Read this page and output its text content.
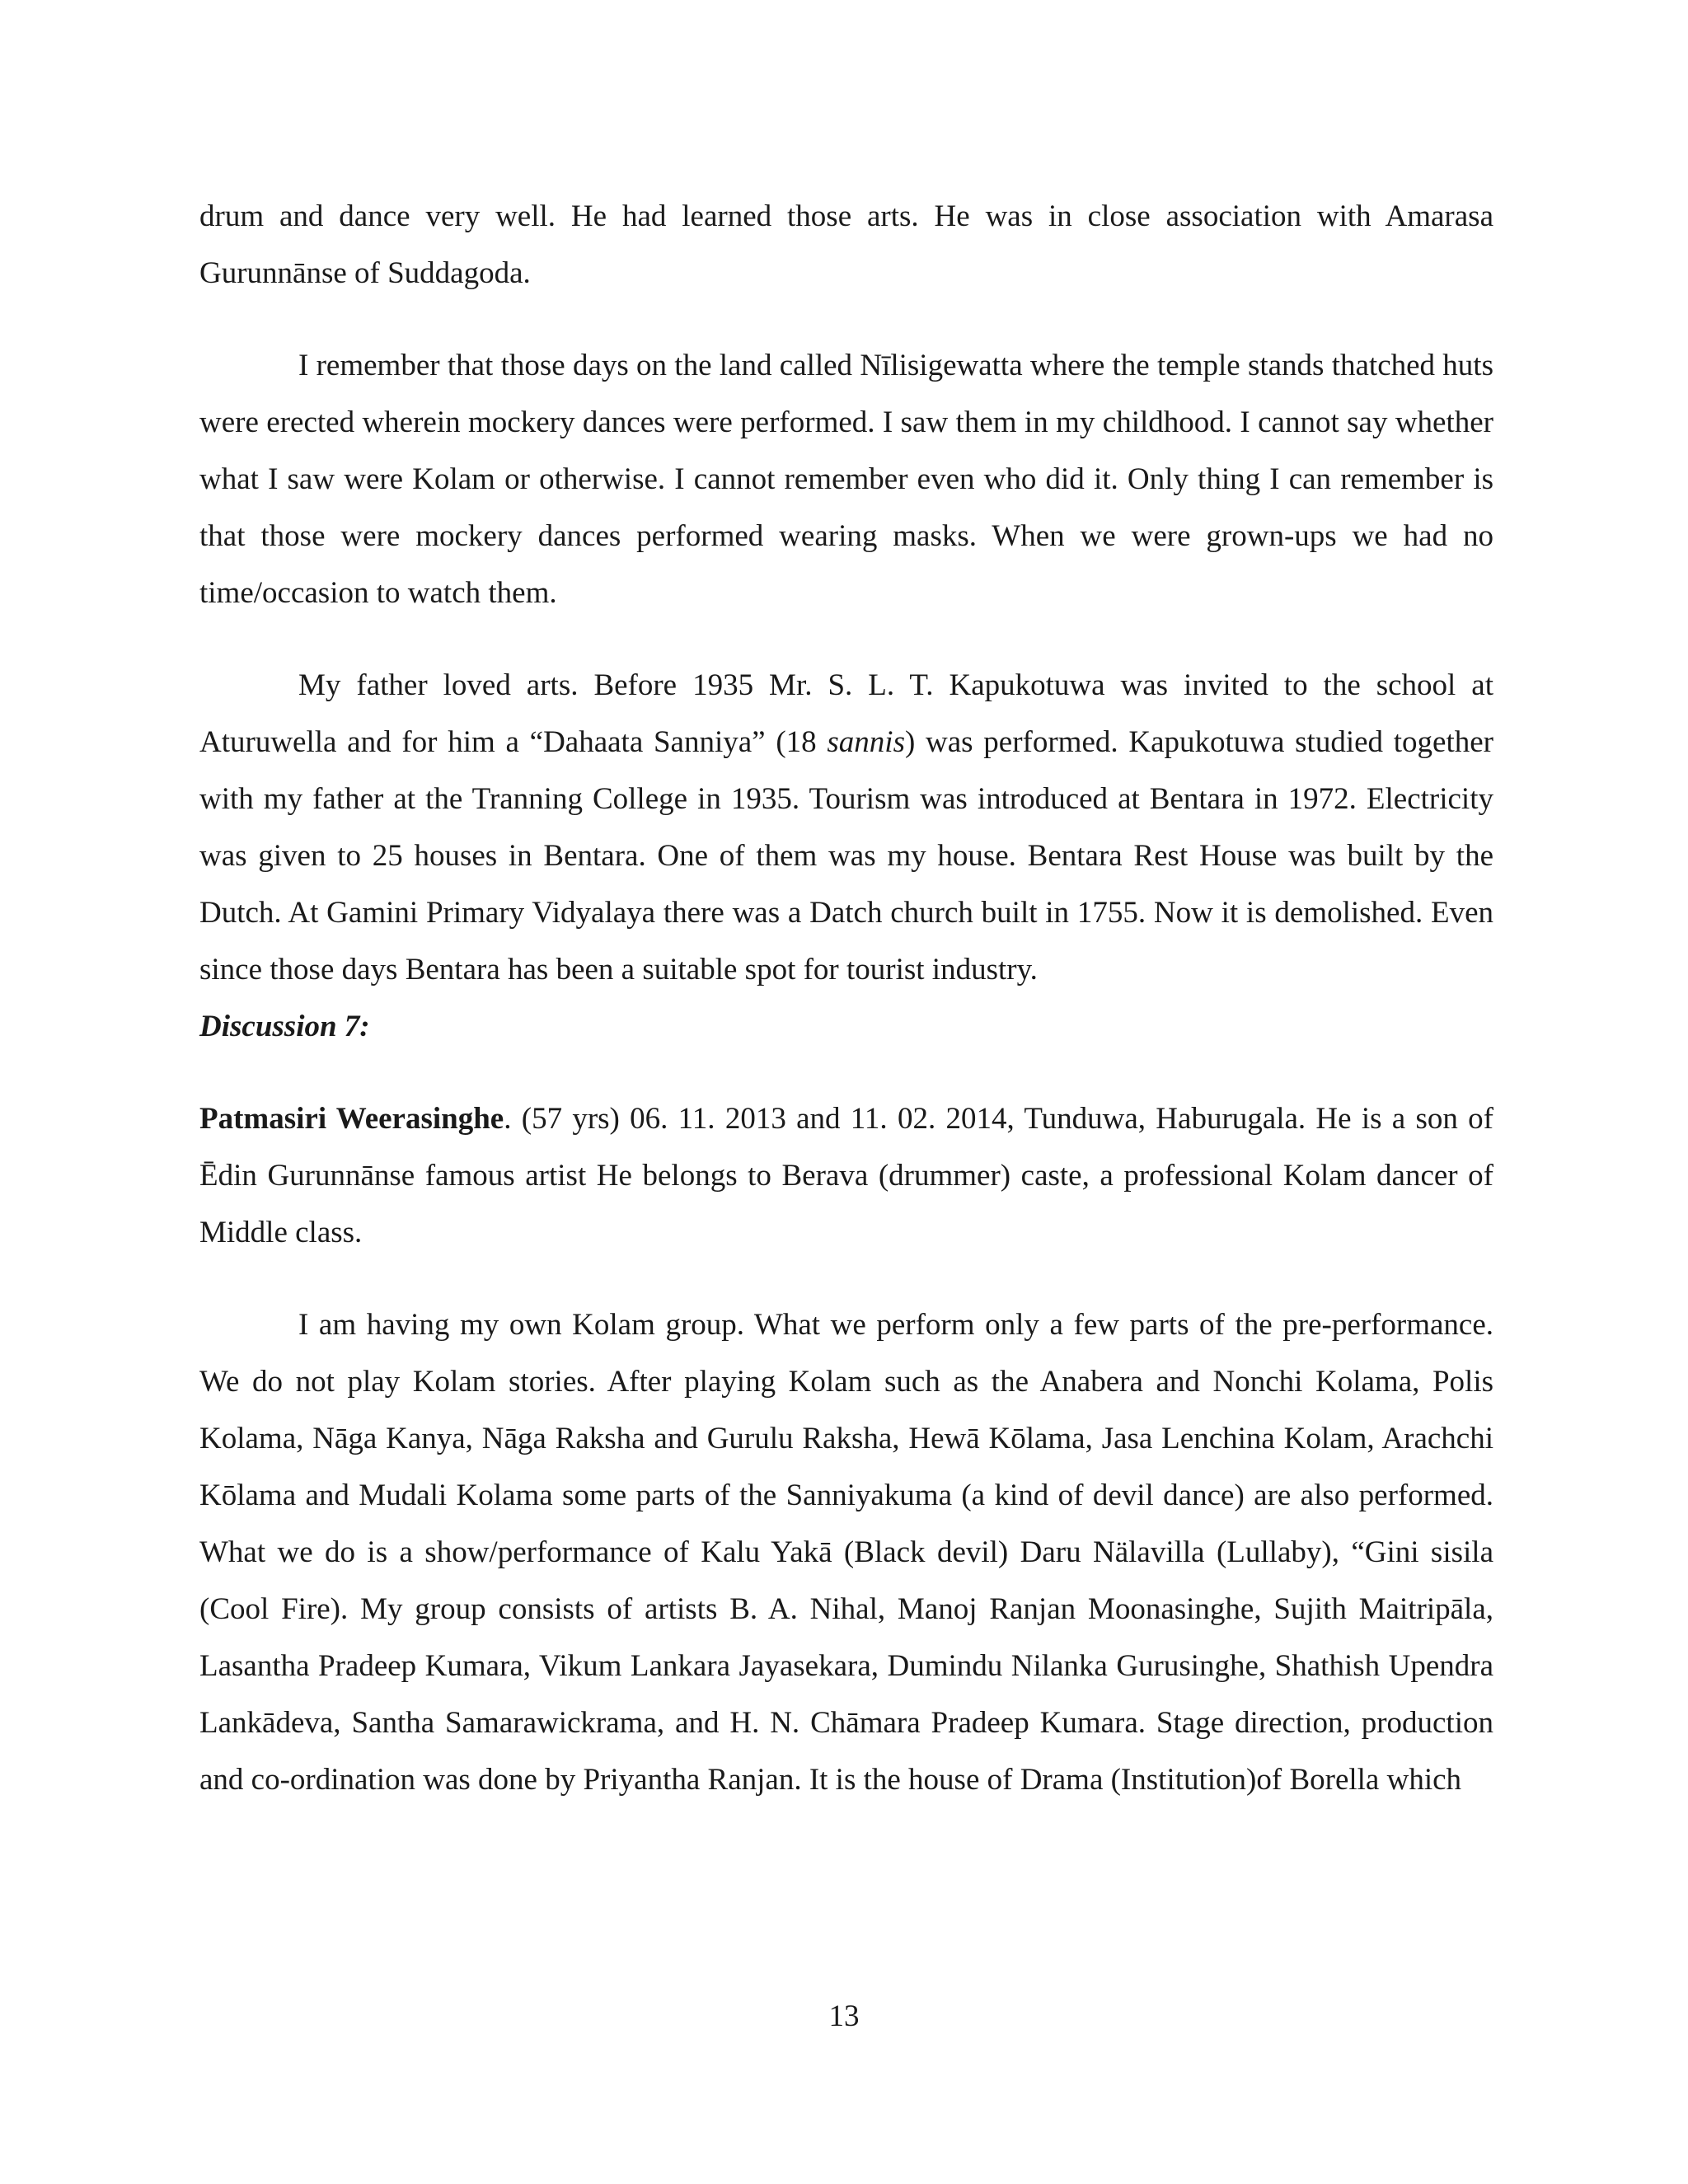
drum and dance very well. He had learned those arts. He was in close association with Amarasa Gurunnānse of Suddagoda.

I remember that those days on the land called Nīlisigewatta where the temple stands thatched huts were erected wherein mockery dances were performed. I saw them in my childhood. I cannot say whether what I saw were Kolam or otherwise. I cannot remember even who did it. Only thing I can remember is that those were mockery dances performed wearing masks. When we were grown-ups we had no time/occasion to watch them.

My father loved arts. Before 1935 Mr. S. L. T. Kapukotuwa was invited to the school at Aturuwella and for him a “Dahaata Sanniya” (18 sannis) was performed. Kapukotuwa studied together with my father at the Tranning College in 1935. Tourism was introduced at Bentara in 1972. Electricity was given to 25 houses in Bentara. One of them was my house. Bentara Rest House was built by the Dutch. At Gamini Primary Vidyalaya there was a Datch church built in 1755. Now it is demolished. Even since those days Bentara has been a suitable spot for tourist industry.

Discussion 7:

Patmasiri Weerasinghe. (57 yrs) 06. 11. 2013 and 11. 02. 2014, Tunduwa, Haburugala. He is a son of Ēdin Gurunnānse famous artist He belongs to Berava (drummer) caste, a professional Kolam dancer of Middle class.

I am having my own Kolam group. What we perform only a few parts of the pre-performance. We do not play Kolam stories. After playing Kolam such as the Anabera and Nonchi Kolama, Polis Kolama, Nāga Kanya, Nāga Raksha and Gurulu Raksha, Hewā Kōlama, Jasa Lenchina Kolam, Arachchi Kōlama and Mudali Kolama some parts of the Sanniyakuma (a kind of devil dance) are also performed. What we do is a show/performance of Kalu Yakā (Black devil) Daru Nälavilla (Lullaby), “Gini sisila (Cool Fire). My group consists of artists B. A. Nihal, Manoj Ranjan Moonasinghe, Sujith Maitripāla, Lasantha Pradeep Kumara, Vikum Lankara Jayasekara, Dumindu Nilanka Gurusinghe, Shathish Upendra Lankādeva, Santha Samarawickrama, and H. N. Chāmara Pradeep Kumara. Stage direction, production and co-ordination was done by Priyantha Ranjan. It is the house of Drama (Institution)of Borella which

13
